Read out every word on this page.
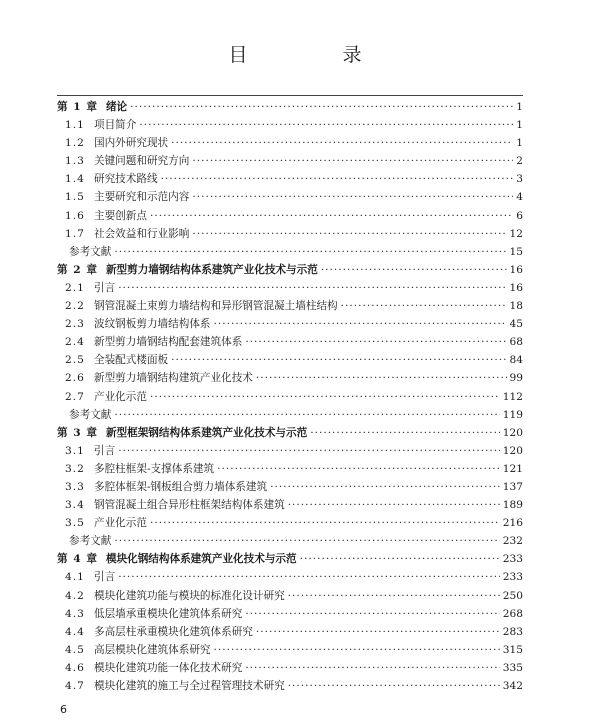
目　录
第 1 章 绪论 ·····	1
1.1 项目简介 ·····	1
1.2 国内外研究现状 ·····	1
1.3 关键问题和研究方向 ·····	2
1.4 研究技术路线 ·····	3
1.5 主要研究和示范内容 ·····	4
1.6 主要创新点 ·····	6
1.7 社会效益和行业影响 ·····	12
参考文献 ·····	15
第 2 章 新型剪力墙钢结构体系建筑产业化技术与示范 ·····	16
2.1 引言 ·····	16
2.2 钢管混凝土束剪力墙结构和异形钢管混凝土墙柱结构 ·····	18
2.3 波纹钢板剪力墙结构体系 ·····	45
2.4 新型剪力墙钢结构配套建筑体系 ·····	68
2.5 全装配式楼面板 ·····	84
2.6 新型剪力墙钢结构建筑产业化技术 ·····	99
2.7 产业化示范 ·····	112
参考文献 ·····	119
第 3 章 新型框架钢结构体系建筑产业化技术与示范 ·····	120
3.1 引言 ·····	120
3.2 多腔柱框架-支撑体系建筑 ·····	121
3.3 多腔体框架-钢板组合剪力墙体系建筑 ·····	137
3.4 钢管混凝土组合异形柱框架结构体系建筑 ·····	189
3.5 产业化示范 ·····	216
参考文献 ·····	232
第 4 章 模块化钢结构体系建筑产业化技术与示范 ·····	233
4.1 引言 ·····	233
4.2 模块化建筑功能与模块的标准化设计研究 ·····	250
4.3 低层墙承重模块化建筑体系研究 ·····	268
4.4 多高层柱承重模块化建筑体系研究 ·····	283
4.5 高层模块化建筑体系研究 ·····	315
4.6 模块化建筑功能一体化技术研究 ·····	335
4.7 模块化建筑的施工与全过程管理技术研究 ·····	342
6
